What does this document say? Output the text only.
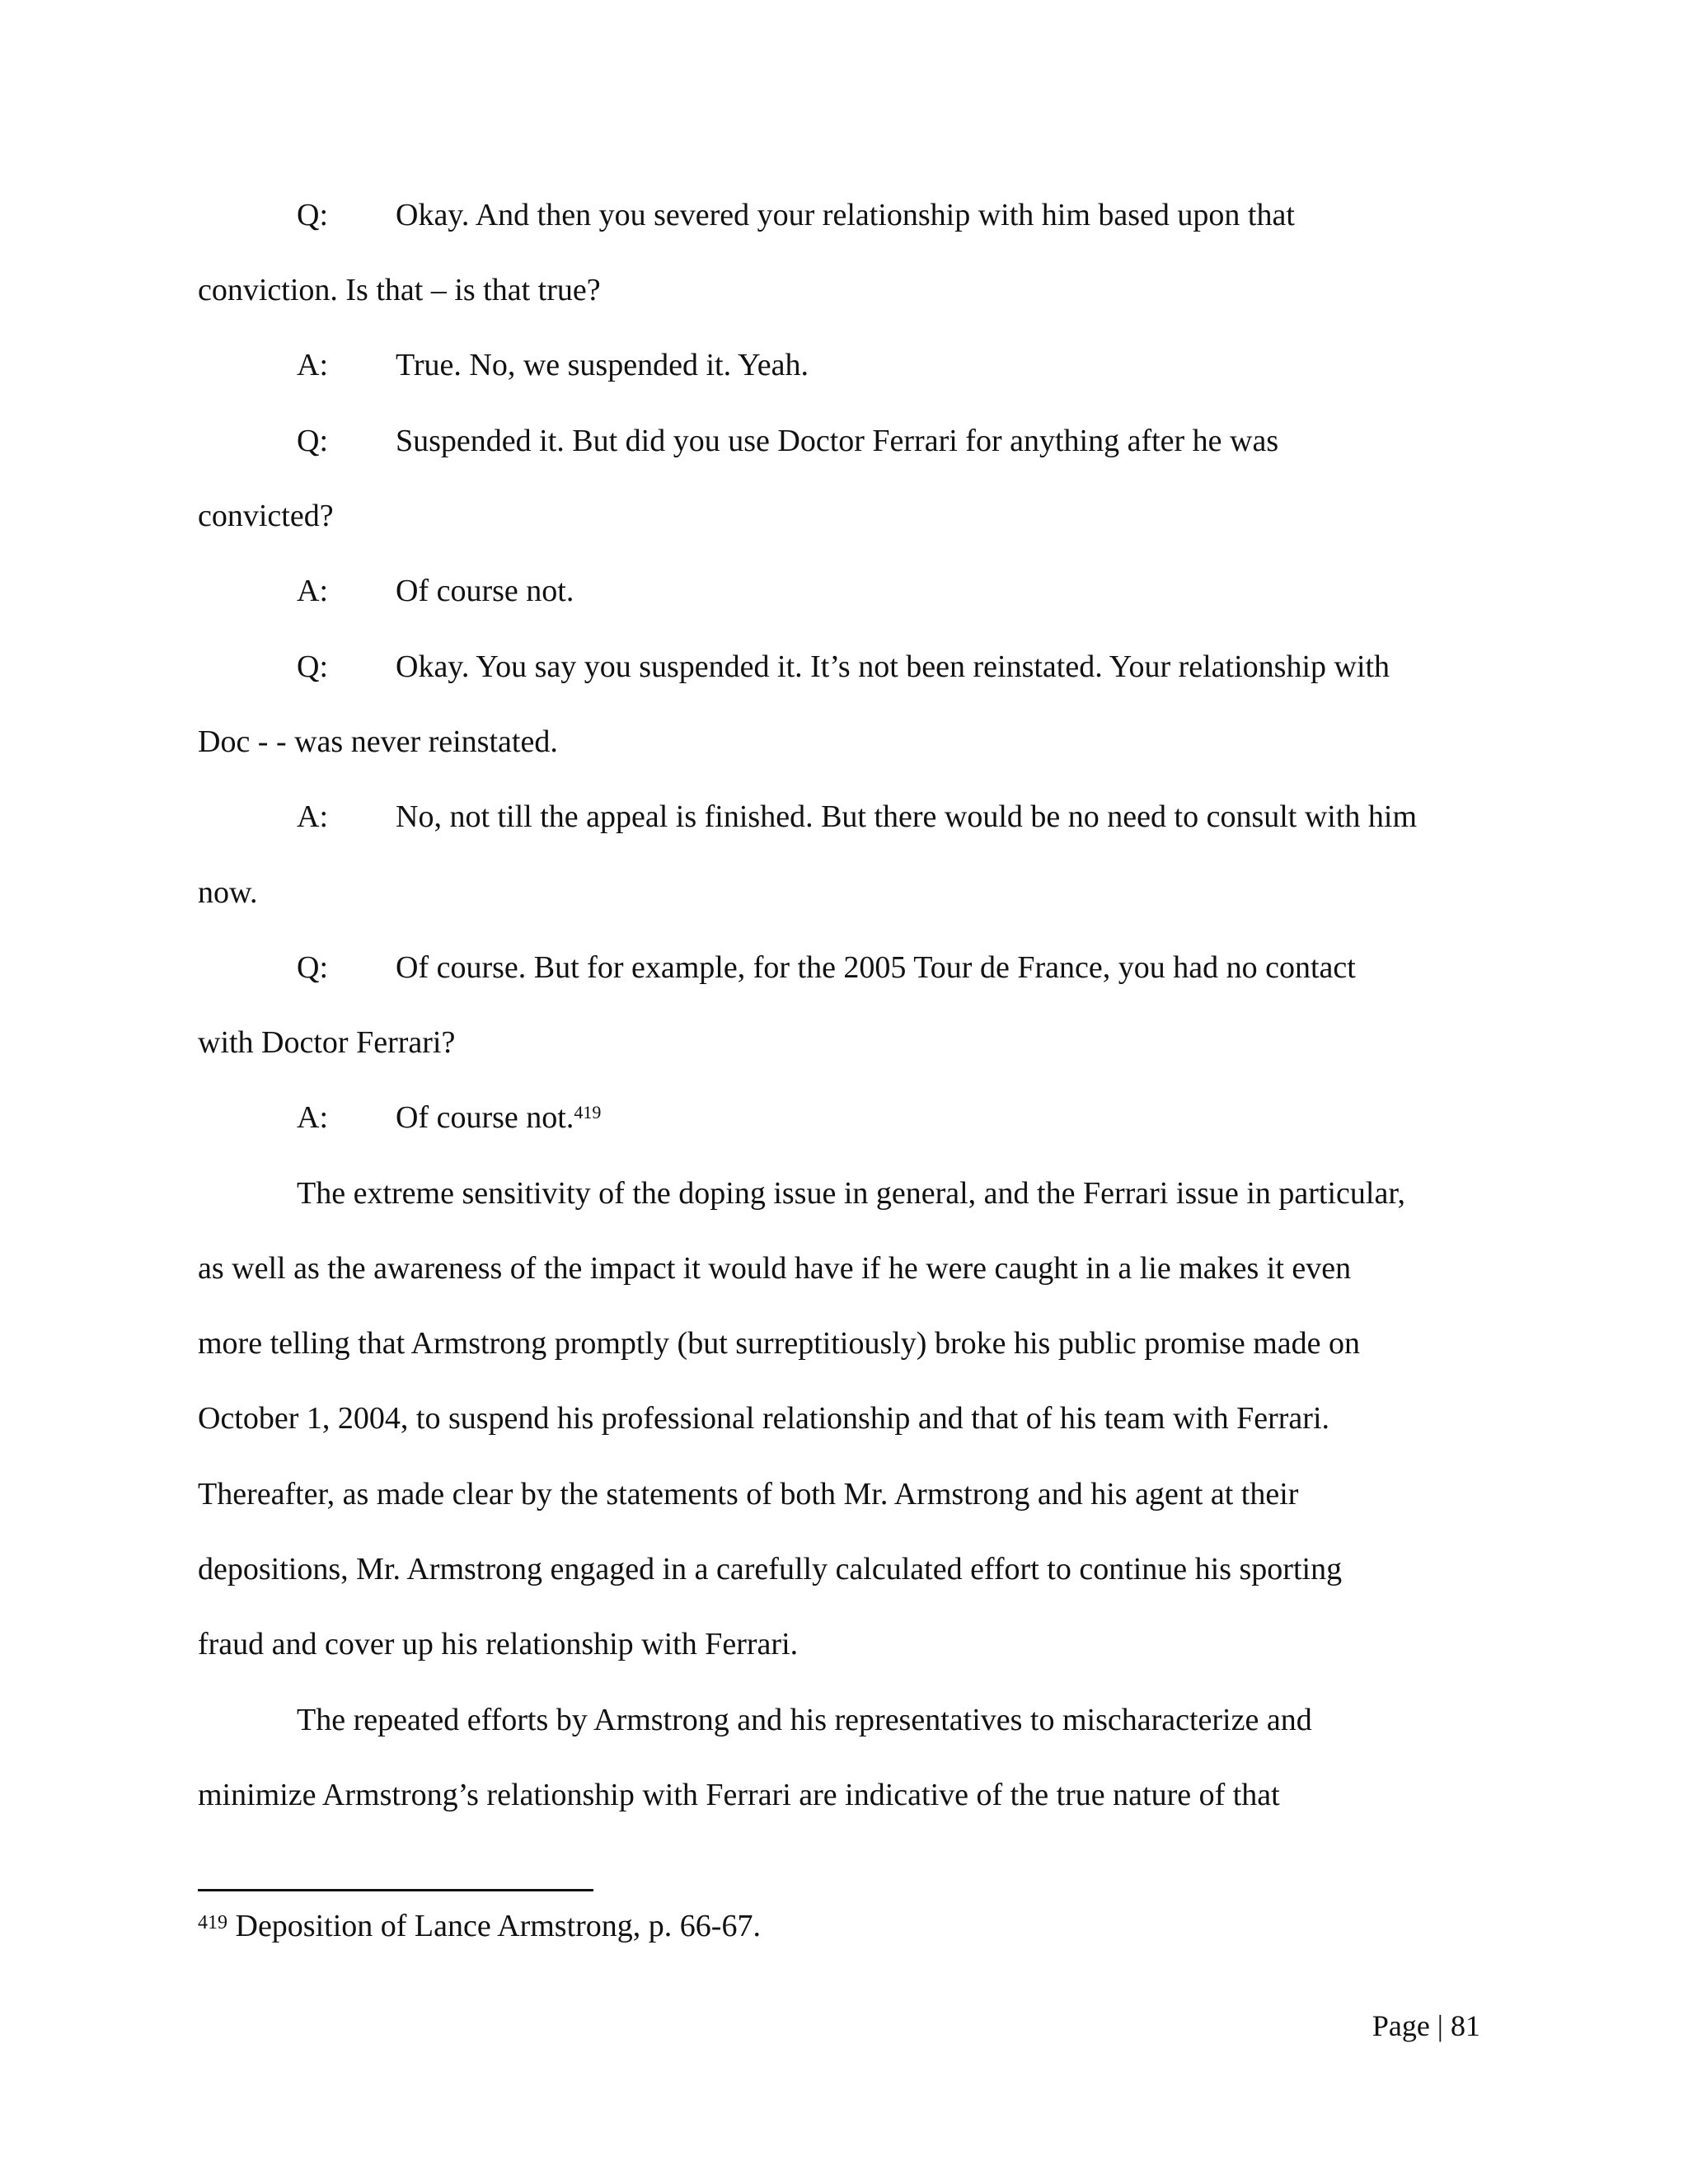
Q: Okay. And then you severed your relationship with him based upon that
conviction. Is that – is that true?
A: True. No, we suspended it. Yeah.
Q: Suspended it. But did you use Doctor Ferrari for anything after he was
convicted?
A: Of course not.
Q: Okay. You say you suspended it. It’s not been reinstated. Your relationship with
Doc - - was never reinstated.
A: No, not till the appeal is finished. But there would be no need to consult with him
now.
Q: Of course. But for example, for the 2005 Tour de France, you had no contact
with Doctor Ferrari?
A: Of course not.$^{419}$
The extreme sensitivity of the doping issue in general, and the Ferrari issue in particular,
as well as the awareness of the impact it would have if he were caught in a lie makes it even
more telling that Armstrong promptly (but surreptitiously) broke his public promise made on
October 1, 2004, to suspend his professional relationship and that of his team with Ferrari.
Thereafter, as made clear by the statements of both Mr. Armstrong and his agent at their
depositions, Mr. Armstrong engaged in a carefully calculated effort to continue his sporting
fraud and cover up his relationship with Ferrari.
The repeated efforts by Armstrong and his representatives to mischaracterize and
minimize Armstrong’s relationship with Ferrari are indicative of the true nature of that
$^{419}$ Deposition of Lance Armstrong, p. 66-67.
Page | 81
